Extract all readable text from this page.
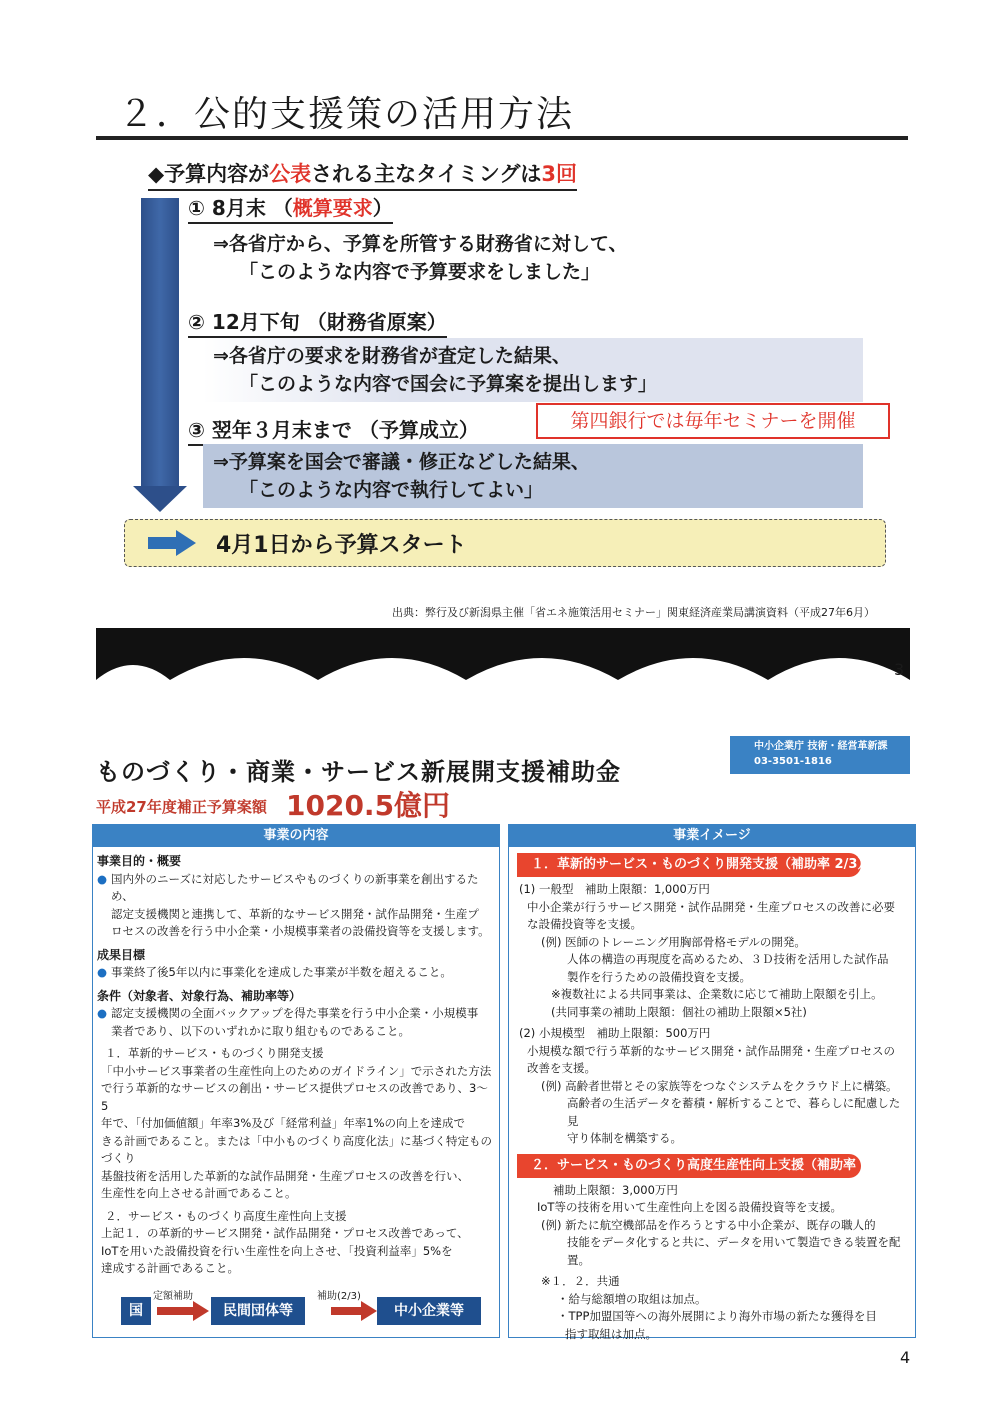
２．公的支援策の活用方法
◆予算内容が公表される主なタイミングは3回
① 8月末 （概算要求）
⇒各省庁から、予算を所管する財務省に対して、
「このような内容で予算要求をしました」
② 12月下旬 （財務省原案）
⇒各省庁の要求を財務省が査定した結果、
「このような内容で国会に予算案を提出します」
③ 翌年３月末まで （予算成立）	第四銀行では毎年セミナーを開催
⇒予算案を国会で審議・修正などした結果、
「このような内容で執行してよい」
4月1日から予算スタート
出典：弊行及び新潟県主催「省エネ施策活用セミナー」関東経済産業局講演資料（平成27年6月）
3
中小企業庁 技術・経営革新課
03-3501-1816
ものづくり・商業・サービス新展開支援補助金
平成27年度補正予算案額 1020.5億円
事業の内容
事業目的・概要
● 国内外のニーズに対応したサービスやものづくりの新事業を創出するため、
認定支援機関と連携して、革新的なサービス開発・試作品開発・生産プ
ロセスの改善を行う中小企業・小規模事業者の設備投資等を支援します。
成果目標
● 事業終了後5年以内に事業化を達成した事業が半数を超えること。
条件（対象者、対象行為、補助率等）
● 認定支援機関の全面バックアップを得た事業を行う中小企業・小規模事
業者であり、以下のいずれかに取り組むものであること。
１．革新的サービス・ものづくり開発支援
「中小サービス事業者の生産性向上のためのガイドライン」で示された方法
で行う革新的なサービスの創出・サービス提供プロセスの改善であり、3～5
年で、「付加価値額」年率3%及び「経常利益」年率1%の向上を達成で
きる計画であること。または「中小ものづくり高度化法」に基づく特定ものづくり
基盤技術を活用した革新的な試作品開発・生産プロセスの改善を行い、
生産性を向上させる計画であること。
２．サービス・ものづくり高度生産性向上支援
上記１．の革新的サービス開発・試作品開発・プロセス改善であって、
IoTを用いた設備投資を行い生産性を向上させ、「投資利益率」5%を
達成する計画であること。
国
定額補助
民間団体等
補助(2/3)
中小企業等
事業イメージ
１．革新的サービス・ものづくり開発支援（補助率 2/3）
(1) 一般型　補助上限額：1,000万円
中小企業が行うサービス開発・試作品開発・生産プロセスの改善に必要
な設備投資等を支援。
(例) 医師のトレーニング用胸部骨格モデルの開発。
人体の構造の再現度を高めるため、３Ｄ技術を活用した試作品
製作を行うための設備投資を支援。
※複数社による共同事業は、企業数に応じて補助上限額を引上。
(共同事業の補助上限額：個社の補助上限額×5社)
(2) 小規模型　補助上限額：500万円
小規模な額で行う革新的なサービス開発・試作品開発・生産プロセスの
改善を支援。
(例) 高齢者世帯とその家族等をつなぐシステムをクラウド上に構築。
高齢者の生活データを蓄積・解析することで、暮らしに配慮した見
守り体制を構築する。
２．サービス・ものづくり高度生産性向上支援（補助率 2/3）
補助上限額：3,000万円
IoT等の技術を用いて生産性向上を図る設備投資等を支援。
(例) 新たに航空機部品を作ろうとする中小企業が、既存の職人的
技能をデータ化すると共に、データを用いて製造できる装置を配置。
※１．２．共通
・給与総額増の取組は加点。
・TPP加盟国等への海外展開により海外市場の新たな獲得を目
指す取組は加点。
4
